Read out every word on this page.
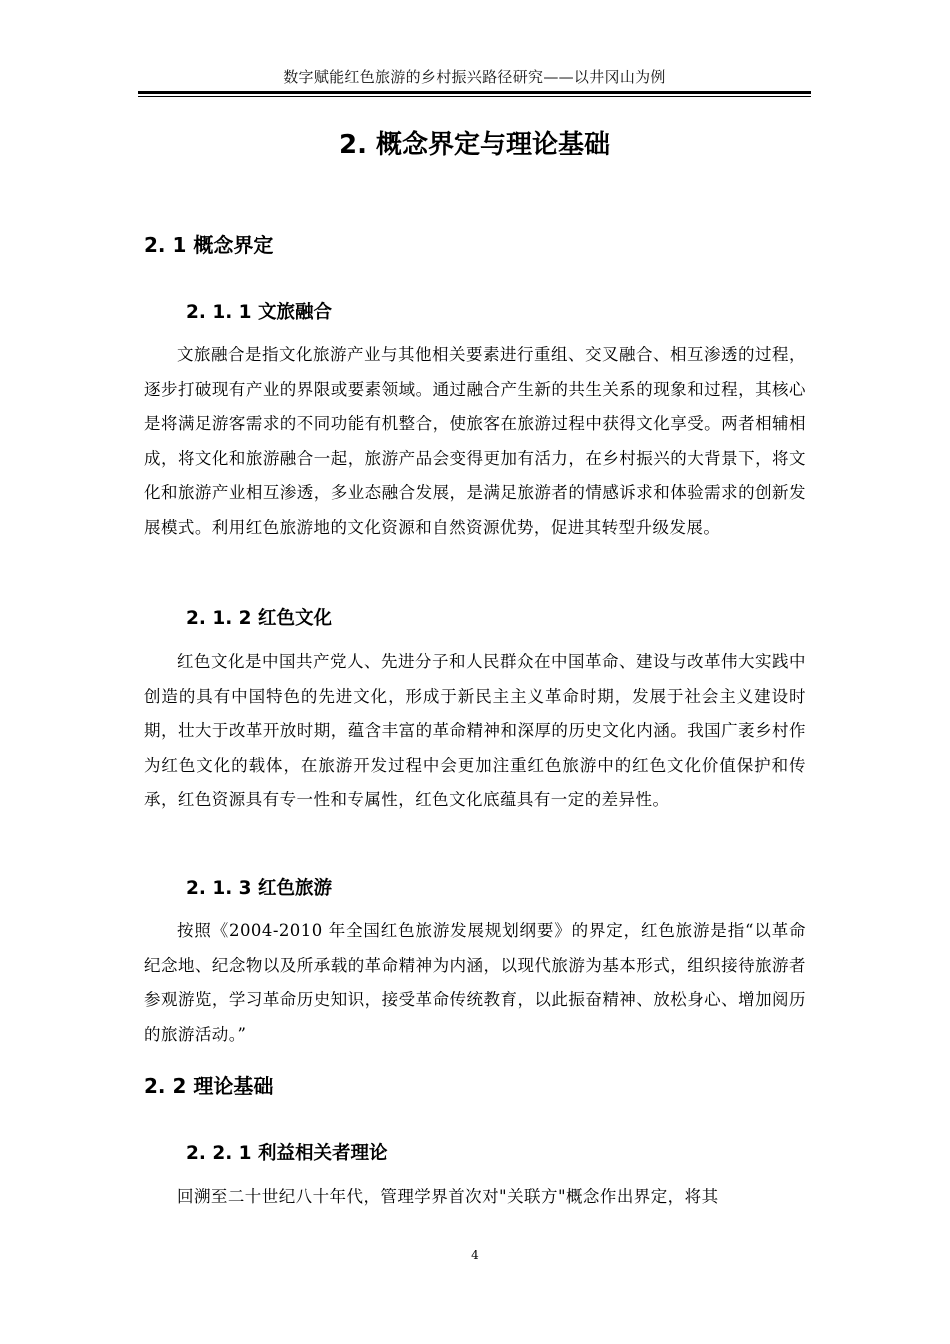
数字赋能红色旅游的乡村振兴路径研究——以井冈山为例
2. 概念界定与理论基础
2. 1 概念界定
2. 1. 1 文旅融合
文旅融合是指文化旅游产业与其他相关要素进行重组、交叉融合、相互渗透的过程，逐步打破现有产业的界限或要素领域。通过融合产生新的共生关系的现象和过程，其核心是将满足游客需求的不同功能有机整合，使旅客在旅游过程中获得文化享受。两者相辅相成，将文化和旅游融合一起，旅游产品会变得更加有活力，在乡村振兴的大背景下，将文化和旅游产业相互渗透，多业态融合发展，是满足旅游者的情感诉求和体验需求的创新发展模式。利用红色旅游地的文化资源和自然资源优势，促进其转型升级发展。
2. 1. 2 红色文化
红色文化是中国共产党人、先进分子和人民群众在中国革命、建设与改革伟大实践中创造的具有中国特色的先进文化，形成于新民主主义革命时期，发展于社会主义建设时期，壮大于改革开放时期，蕴含丰富的革命精神和深厚的历史文化内涵。我国广袤乡村作为红色文化的载体，在旅游开发过程中会更加注重红色旅游中的红色文化价值保护和传承，红色资源具有专一性和专属性，红色文化底蕴具有一定的差异性。
2. 1. 3 红色旅游
按照《2004-2010 年全国红色旅游发展规划纲要》的界定，红色旅游是指“以革命纪念地、纪念物以及所承载的革命精神为内涵，以现代旅游为基本形式，组织接待旅游者参观游览，学习革命历史知识，接受革命传统教育，以此振奋精神、放松身心、增加阅历的旅游活动。”
2. 2 理论基础
2. 2. 1 利益相关者理论
回溯至二十世纪八十年代，管理学界首次对"关联方"概念作出界定，将其
4
